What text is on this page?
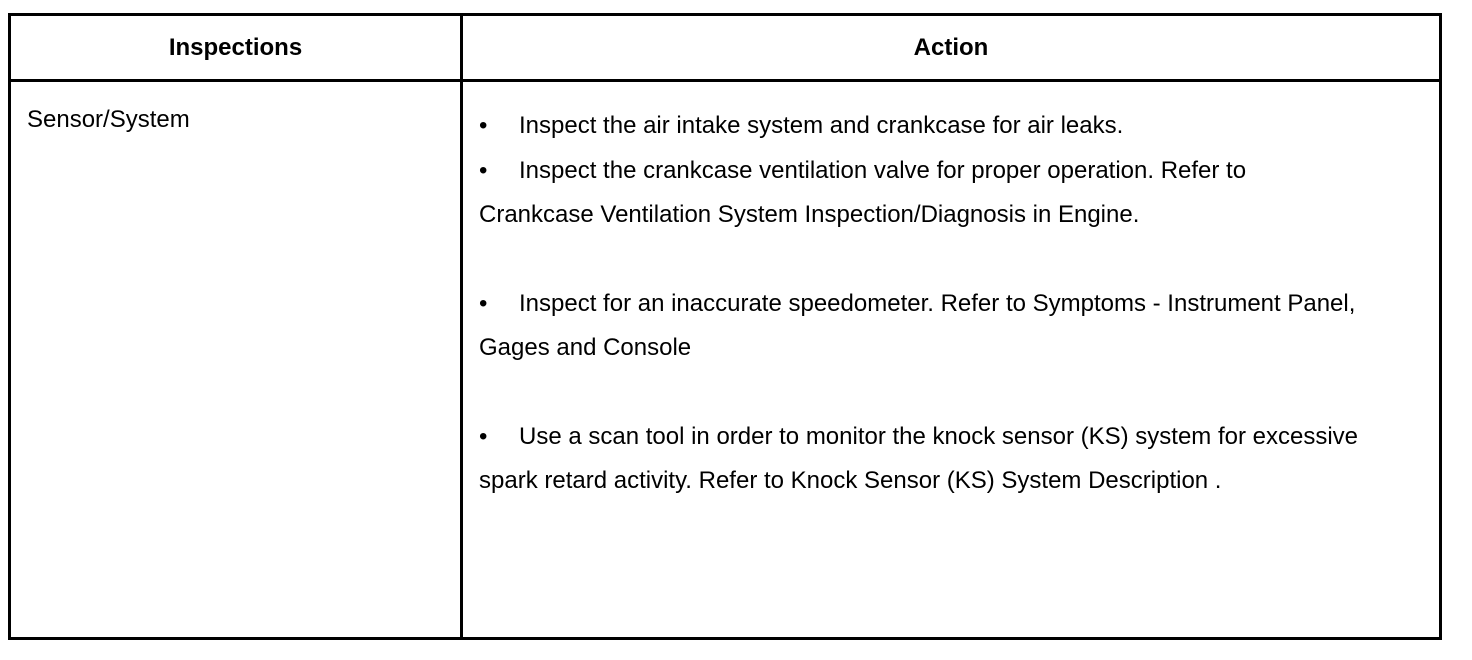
Inspections	Action
Sensor/System	• Inspect the air intake system and crankcase for air leaks.

• Inspect the crankcase ventilation valve for proper operation. Refer to Crankcase Ventilation System Inspection/Diagnosis in Engine.

• Inspect for an inaccurate speedometer. Refer to Symptoms - Instrument Panel, Gages and Console

• Use a scan tool in order to monitor the knock sensor (KS) system for excessive spark retard activity. Refer to Knock Sensor (KS) System Description .
